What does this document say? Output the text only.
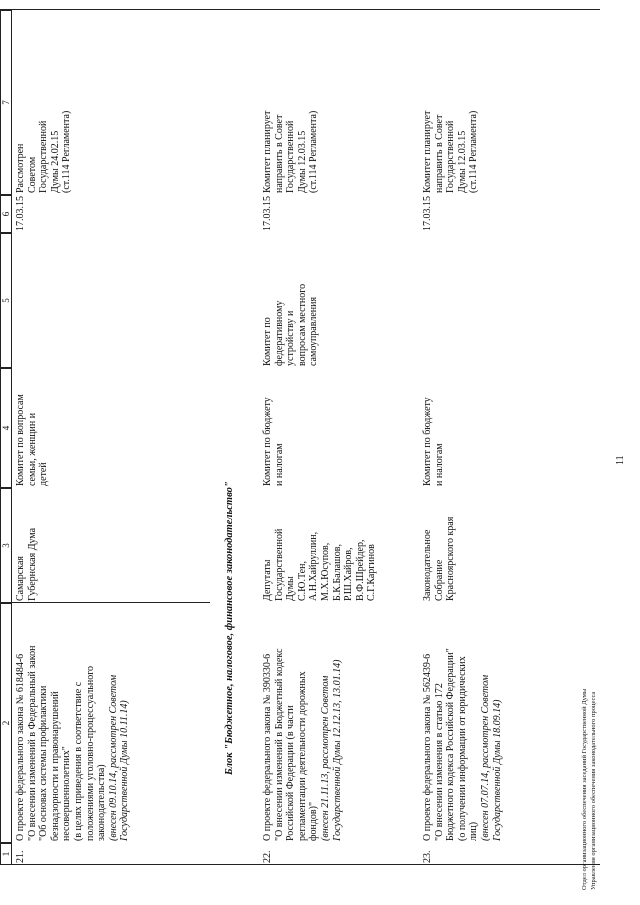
11
1
2
3
4
5
6
7
21.
О проекте федерального закона № 618484-6 "О внесении изменений в Федеральный закон "Об основах системы профилактики безнадзорности и правонарушений несовершеннолетних" (в целях приведения в соответствие с положениями уголовно-процессуального законодательства) (внесен 09.10.14, рассмотрен Советом Государственной Думы 10.11.14)
Самарская Губернская Дума
Комитет по вопросам семьи, женщин и детей
17.03.15
Рассмотрен Советом Государственной Думы 24.02.15 (ст.114 Регламента)
Блок "Бюджетное, налоговое, финансовое законодательство"
22.
О проекте федерального закона № 390330-6 "О внесении изменений в Бюджетный кодекс Российской Федерации (в части регламентации деятельности дорожных фондов)" (внесен 21.11.13, рассмотрен Советом Государственной Думы 12.12.13, 13.01.14)
Депутаты Государственной Думы С.Ю.Тен, А.Н.Хайруллин, М.Х.Юсупов, Б.К.Балашов, Р.Ш.Хайров, В.Ф.Шрейдер, С.Г.Каргинов
Комитет по бюджету и налогам
Комитет по федеративному устройству и вопросам местного самоуправления
17.03.15
Комитет планирует направить в Совет Государственной Думы 12.03.15 (ст.114 Регламента)
23.
О проекте федерального закона № 562439-6 "О внесении изменения в статью 172 Бюджетного кодекса Российской Федерации" (о получении информации от юридических лиц) (внесен 07.07.14, рассмотрен Советом Государственной Думы 18.09.14)
Законодательное Собрание Красноярского края
Комитет по бюджету и налогам
17.03.15
Комитет планирует направить в Совет Государственной Думы 12.03.15 (ст.114 Регламента)
Отдел организационного обеспечения заседаний Государственной Думы Управления организационного обеспечения законодательного процесса
